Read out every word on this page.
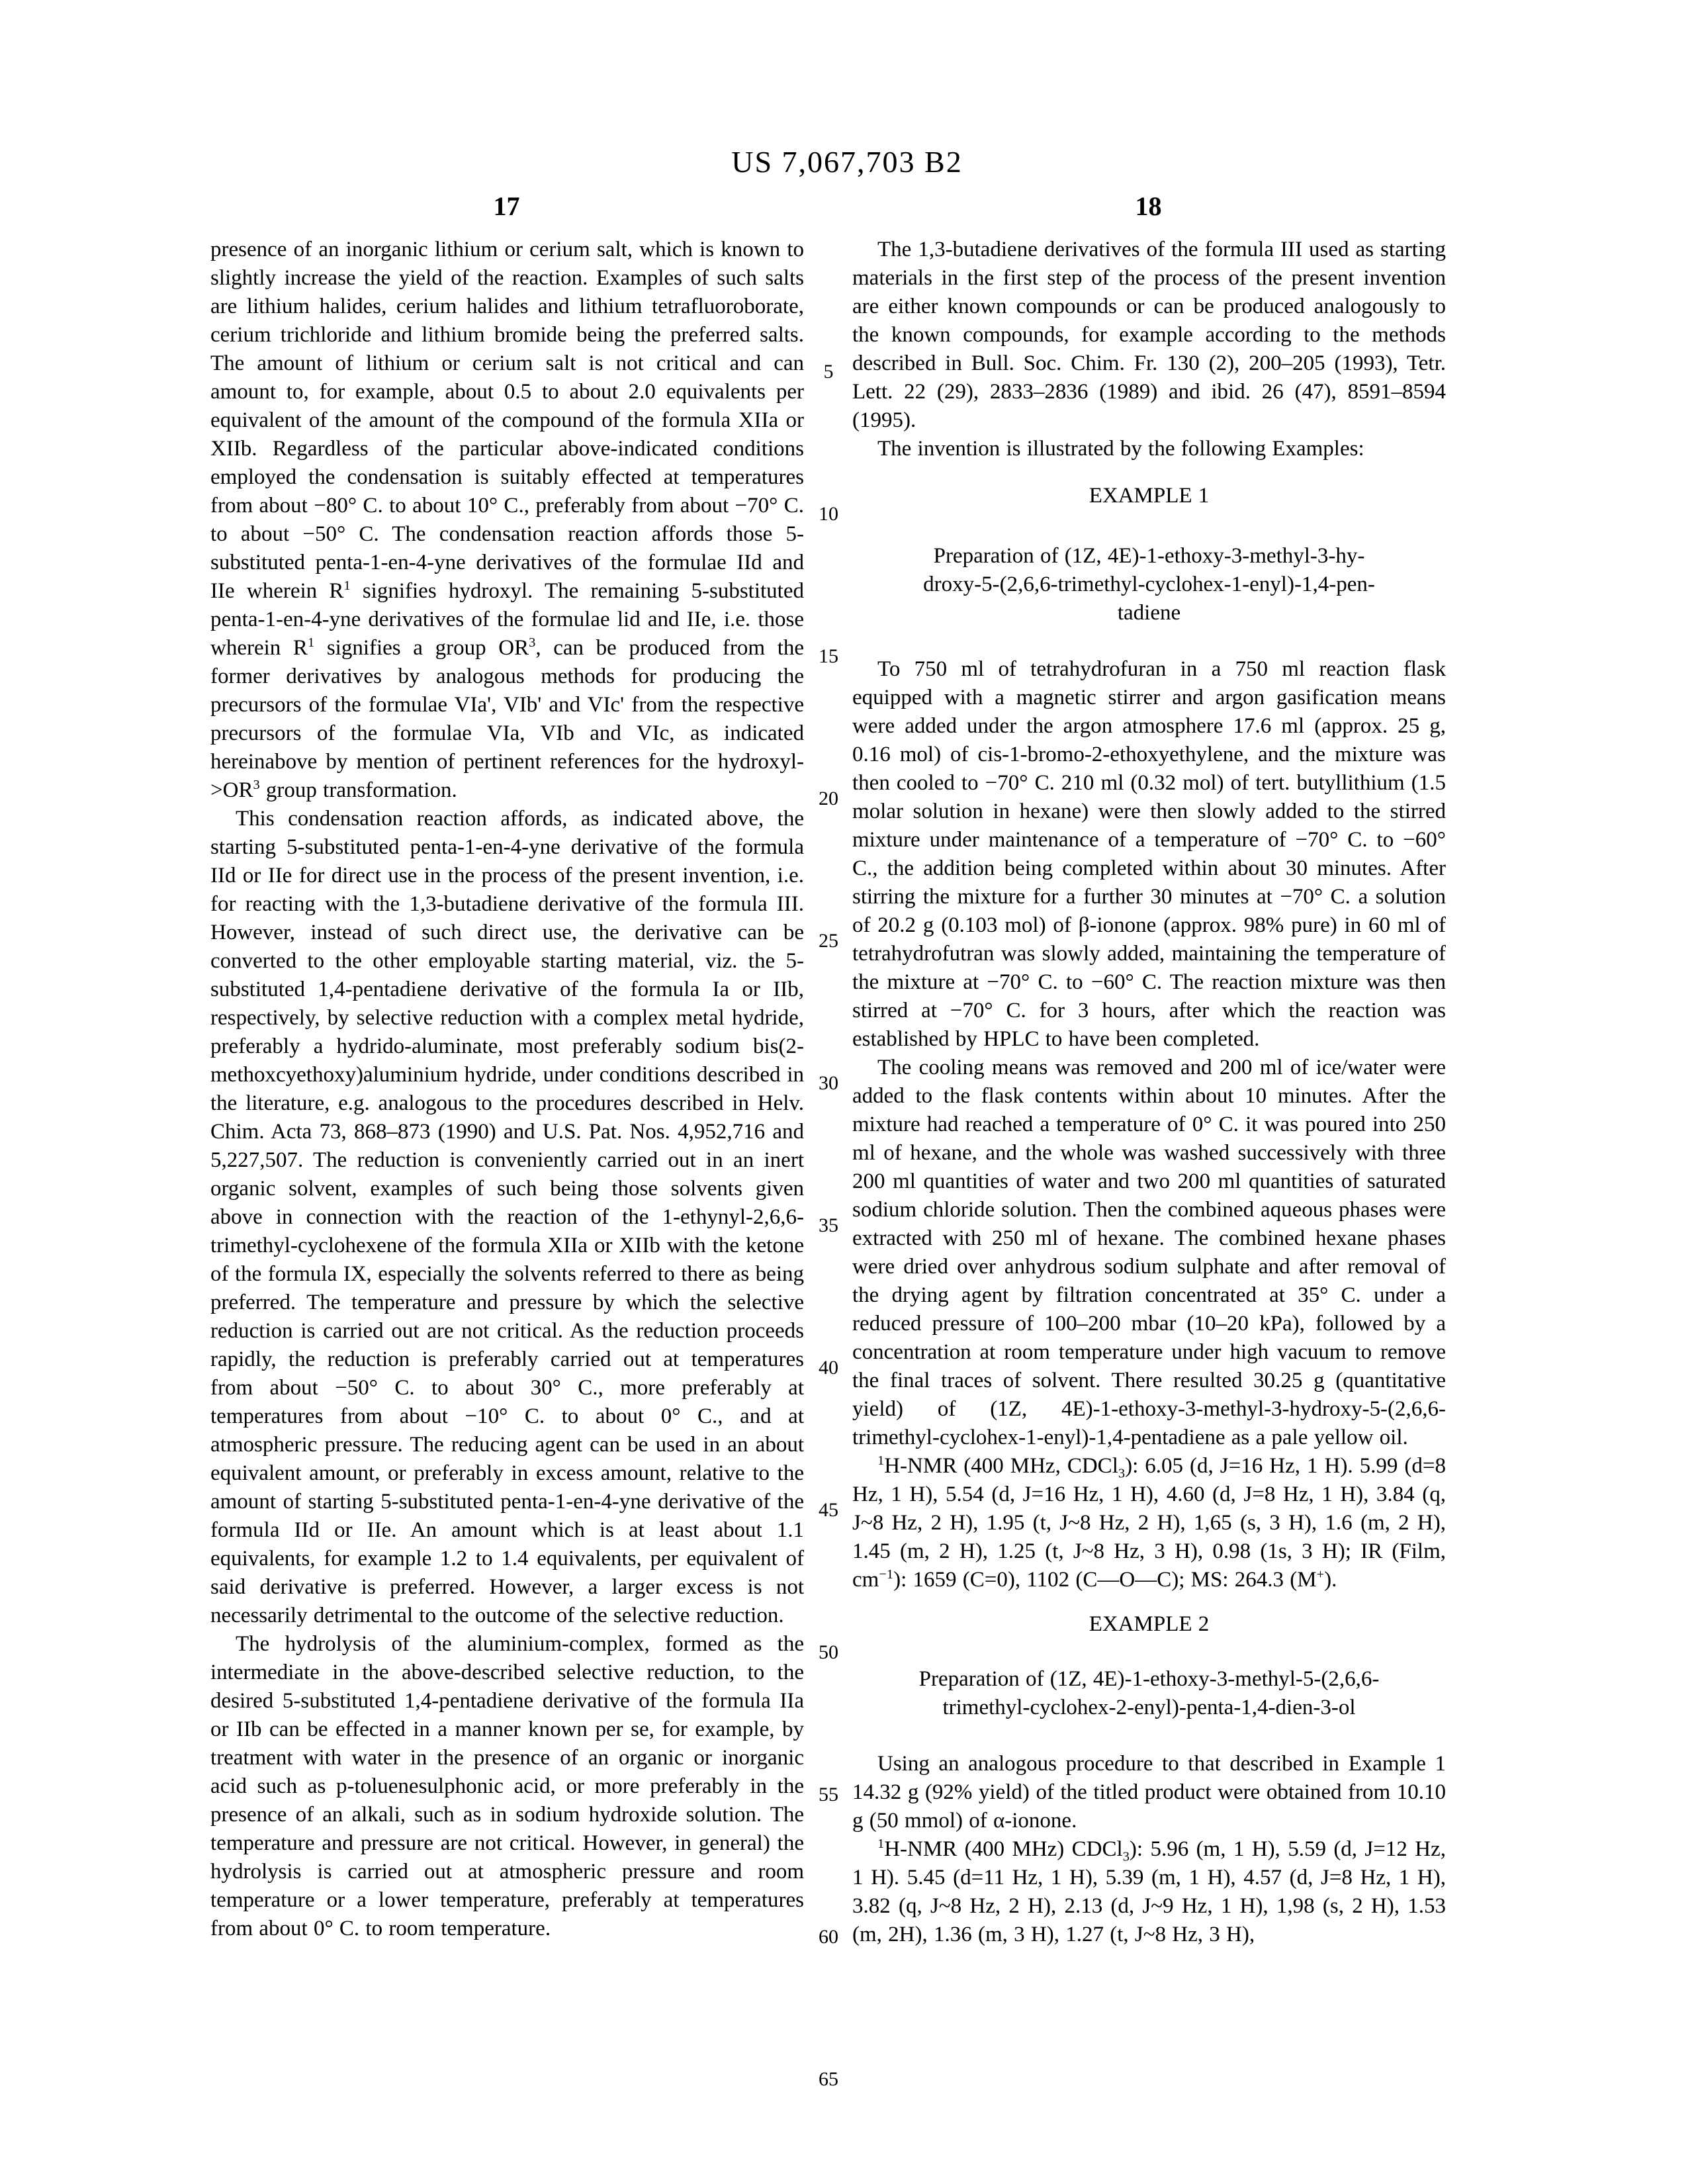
US 7,067,703 B2
17	18
5
10
15
20
25
30
35
40
45
50
55
60
65

presence of an inorganic lithium or cerium salt, which is known to slightly increase the yield of the reaction. Examples of such salts are lithium halides, cerium halides and lithium tetrafluoroborate, cerium trichloride and lithium bromide being the preferred salts. The amount of lithium or cerium salt is not critical and can amount to, for example, about 0.5 to about 2.0 equivalents per equivalent of the amount of the compound of the formula XIIa or XIIb. Regardless of the particular above-indicated conditions employed the condensation is suitably effected at temperatures from about −80° C. to about 10° C., preferably from about −70° C. to about −50° C. The condensation reaction affords those 5-substituted penta-1-en-4-yne derivatives of the formulae IId and IIe wherein $R^1$ signifies hydroxyl. The remaining 5-substituted penta-1-en-4-yne derivatives of the formulae lid and IIe, i.e. those wherein $R^1$ signifies a group $OR^3$, can be produced from the former derivatives by analogous methods for producing the precursors of the formulae VIa', VIb' and VIc' from the respective precursors of the formulae VIa, VIb and VIc, as indicated hereinabove by mention of pertinent references for the hydroxyl-$>OR^3$ group transformation.

This condensation reaction affords, as indicated above, the starting 5-substituted penta-1-en-4-yne derivative of the formula IId or IIe for direct use in the process of the present invention, i.e. for reacting with the 1,3-butadiene derivative of the formula III. However, instead of such direct use, the derivative can be converted to the other employable starting material, viz. the 5-substituted 1,4-pentadiene derivative of the formula Ia or IIb, respectively, by selective reduction with a complex metal hydride, preferably a hydrido-aluminate, most preferably sodium bis(2-methoxcyethoxy)aluminium hydride, under conditions described in the literature, e.g. analogous to the procedures described in Helv. Chim. Acta 73, 868–873 (1990) and U.S. Pat. Nos. 4,952,716 and 5,227,507. The reduction is conveniently carried out in an inert organic solvent, examples of such being those solvents given above in connection with the reaction of the 1-ethynyl-2,6,6-trimethyl-cyclohexene of the formula XIIa or XIIb with the ketone of the formula IX, especially the solvents referred to there as being preferred. The temperature and pressure by which the selective reduction is carried out are not critical. As the reduction proceeds rapidly, the reduction is preferably carried out at temperatures from about −50° C. to about 30° C., more preferably at temperatures from about −10° C. to about 0° C., and at atmospheric pressure. The reducing agent can be used in an about equivalent amount, or preferably in excess amount, relative to the amount of starting 5-substituted penta-1-en-4-yne derivative of the formula IId or IIe. An amount which is at least about 1.1 equivalents, for example 1.2 to 1.4 equivalents, per equivalent of said derivative is preferred. However, a larger excess is not necessarily detrimental to the outcome of the selective reduction.

The hydrolysis of the aluminium-complex, formed as the intermediate in the above-described selective reduction, to the desired 5-substituted 1,4-pentadiene derivative of the formula IIa or IIb can be effected in a manner known per se, for example, by treatment with water in the presence of an organic or inorganic acid such as p-toluenesulphonic acid, or more preferably in the presence of an alkali, such as in sodium hydroxide solution. The temperature and pressure are not critical. However, in general) the hydrolysis is carried out at atmospheric pressure and room temperature or a lower temperature, preferably at temperatures from about 0° C. to room temperature.

The 1,3-butadiene derivatives of the formula III used as starting materials in the first step of the process of the present invention are either known compounds or can be produced analogously to the known compounds, for example according to the methods described in Bull. Soc. Chim. Fr. 130 (2), 200–205 (1993), Tetr. Lett. 22 (29), 2833–2836 (1989) and ibid. 26 (47), 8591–8594 (1995).

The invention is illustrated by the following Examples:

EXAMPLE 1

Preparation of (1Z, 4E)-1-ethoxy-3-methyl-3-hy-
droxy-5-(2,6,6-trimethyl-cyclohex-1-enyl)-1,4-pen-
tadiene

To 750 ml of tetrahydrofuran in a 750 ml reaction flask equipped with a magnetic stirrer and argon gasification means were added under the argon atmosphere 17.6 ml (approx. 25 g, 0.16 mol) of cis-1-bromo-2-ethoxyethylene, and the mixture was then cooled to −70° C. 210 ml (0.32 mol) of tert. butyllithium (1.5 molar solution in hexane) were then slowly added to the stirred mixture under maintenance of a temperature of −70° C. to −60° C., the addition being completed within about 30 minutes. After stirring the mixture for a further 30 minutes at −70° C. a solution of 20.2 g (0.103 mol) of β-ionone (approx. 98% pure) in 60 ml of tetrahydrofutran was slowly added, maintaining the temperature of the mixture at −70° C. to −60° C. The reaction mixture was then stirred at −70° C. for 3 hours, after which the reaction was established by HPLC to have been completed.

The cooling means was removed and 200 ml of ice/water were added to the flask contents within about 10 minutes. After the mixture had reached a temperature of 0° C. it was poured into 250 ml of hexane, and the whole was washed successively with three 200 ml quantities of water and two 200 ml quantities of saturated sodium chloride solution. Then the combined aqueous phases were extracted with 250 ml of hexane. The combined hexane phases were dried over anhydrous sodium sulphate and after removal of the drying agent by filtration concentrated at 35° C. under a reduced pressure of 100–200 mbar (10–20 kPa), followed by a concentration at room temperature under high vacuum to remove the final traces of solvent. There resulted 30.25 g (quantitative yield) of (1Z, 4E)-1-ethoxy-3-methyl-3-hydroxy-5-(2,6,6-trimethyl-cyclohex-1-enyl)-1,4-pentadiene as a pale yellow oil.

$^1$H-NMR (400 MHz, CDCl$_3$): 6.05 (d, J=16 Hz, 1 H). 5.99 (d=8 Hz, 1 H), 5.54 (d, J=16 Hz, 1 H), 4.60 (d, J=8 Hz, 1 H), 3.84 (q, J~8 Hz, 2 H), 1.95 (t, J~8 Hz, 2 H), 1,65 (s, 3 H), 1.6 (m, 2 H), 1.45 (m, 2 H), 1.25 (t, J~8 Hz, 3 H), 0.98 (1s, 3 H); IR (Film, $cm^{-1}$): 1659 (C=0), 1102 (C—O—C); MS: 264.3 (M+).

EXAMPLE 2

Preparation of (1Z, 4E)-1-ethoxy-3-methyl-5-(2,6,6-
trimethyl-cyclohex-2-enyl)-penta-1,4-dien-3-ol

Using an analogous procedure to that described in Example 1 14.32 g (92% yield) of the titled product were obtained from 10.10 g (50 mmol) of α-ionone.

$^1$H-NMR (400 MHz) CDCl$_3$): 5.96 (m, 1 H), 5.59 (d, J=12 Hz, 1 H). 5.45 (d=11 Hz, 1 H), 5.39 (m, 1 H), 4.57 (d, J=8 Hz, 1 H), 3.82 (q, J~8 Hz, 2 H), 2.13 (d, J~9 Hz, 1 H), 1,98 (s, 2 H), 1.53 (m, 2H), 1.36 (m, 3 H), 1.27 (t, J~8 Hz, 3 H),
